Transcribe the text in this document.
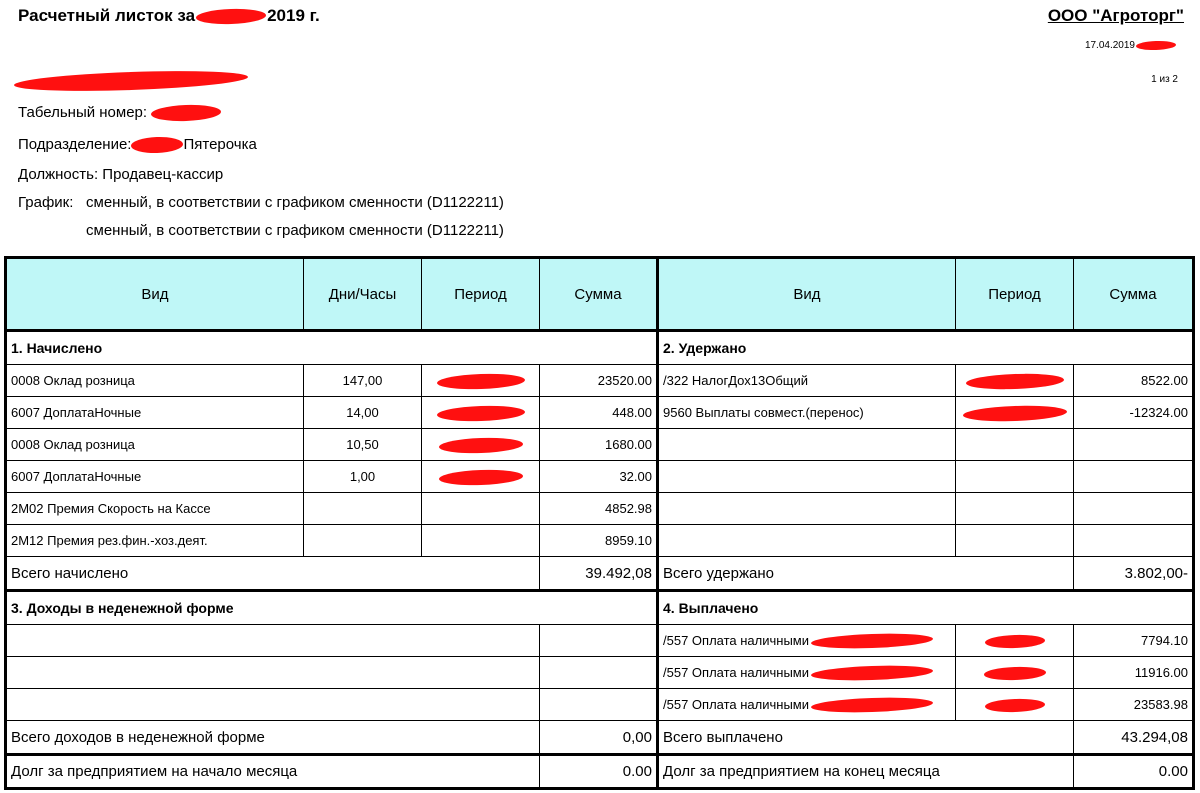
Расчетный листок за	2019 г.	ООО "Агроторг"
17.04.2019
1 из 2
Табельный номер:
Подразделение:	Пятерочка
Должность: Продавец-кассир
График: сменный, в соответствии с графиком сменности (D1122211)
сменный, в соответствии с графиком сменности (D1122211)
Вид	Дни/Часы	Период	Сумма	Вид	Период	Сумма
1. Начислено				2. Удержано		
0008 Оклад розница	147,00		23520.00	/322 НалогДох13Общий		8522.00
6007 ДоплатаНочные	14,00		448.00	9560 Выплаты совмест.(перенос)		-12324.00
0008 Оклад розница	10,50		1680.00			
6007 ДоплатаНочные	1,00		32.00			
2М02 Премия Скорость на Кассе			4852.98			
2М12 Премия рез.фин.-хоз.деят.			8959.10			
Всего начислено			39.492,08	Всего удержано		3.802,00-
3. Доходы в неденежной форме				4. Выплачено		
				/557 Оплата наличными		7794.10
				/557 Оплата наличными		11916.00
				/557 Оплата наличными		23583.98
Всего доходов в неденежной форме			0,00	Всего выплачено		43.294,08
Долг за предприятием на начало месяца			0.00	Долг за предприятием на конец месяца		0.00
